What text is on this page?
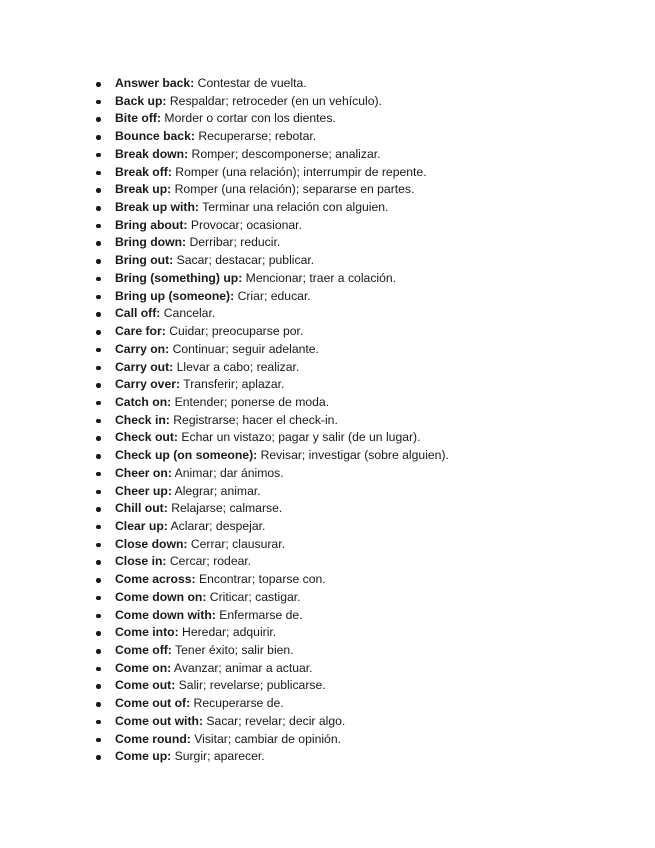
Answer back: Contestar de vuelta.
Back up: Respaldar; retroceder (en un vehículo).
Bite off: Morder o cortar con los dientes.
Bounce back: Recuperarse; rebotar.
Break down: Romper; descomponerse; analizar.
Break off: Romper (una relación); interrumpir de repente.
Break up: Romper (una relación); separarse en partes.
Break up with: Terminar una relación con alguien.
Bring about: Provocar; ocasionar.
Bring down: Derribar; reducir.
Bring out: Sacar; destacar; publicar.
Bring (something) up: Mencionar; traer a colación.
Bring up (someone): Criar; educar.
Call off: Cancelar.
Care for: Cuidar; preocuparse por.
Carry on: Continuar; seguir adelante.
Carry out: Llevar a cabo; realizar.
Carry over: Transferir; aplazar.
Catch on: Entender; ponerse de moda.
Check in: Registrarse; hacer el check-in.
Check out: Echar un vistazo; pagar y salir (de un lugar).
Check up (on someone): Revisar; investigar (sobre alguien).
Cheer on: Animar; dar ánimos.
Cheer up: Alegrar; animar.
Chill out: Relajarse; calmarse.
Clear up: Aclarar; despejar.
Close down: Cerrar; clausurar.
Close in: Cercar; rodear.
Come across: Encontrar; toparse con.
Come down on: Criticar; castigar.
Come down with: Enfermarse de.
Come into: Heredar; adquirir.
Come off: Tener éxito; salir bien.
Come on: Avanzar; animar a actuar.
Come out: Salir; revelarse; publicarse.
Come out of: Recuperarse de.
Come out with: Sacar; revelar; decir algo.
Come round: Visitar; cambiar de opinión.
Come up: Surgir; aparecer.
